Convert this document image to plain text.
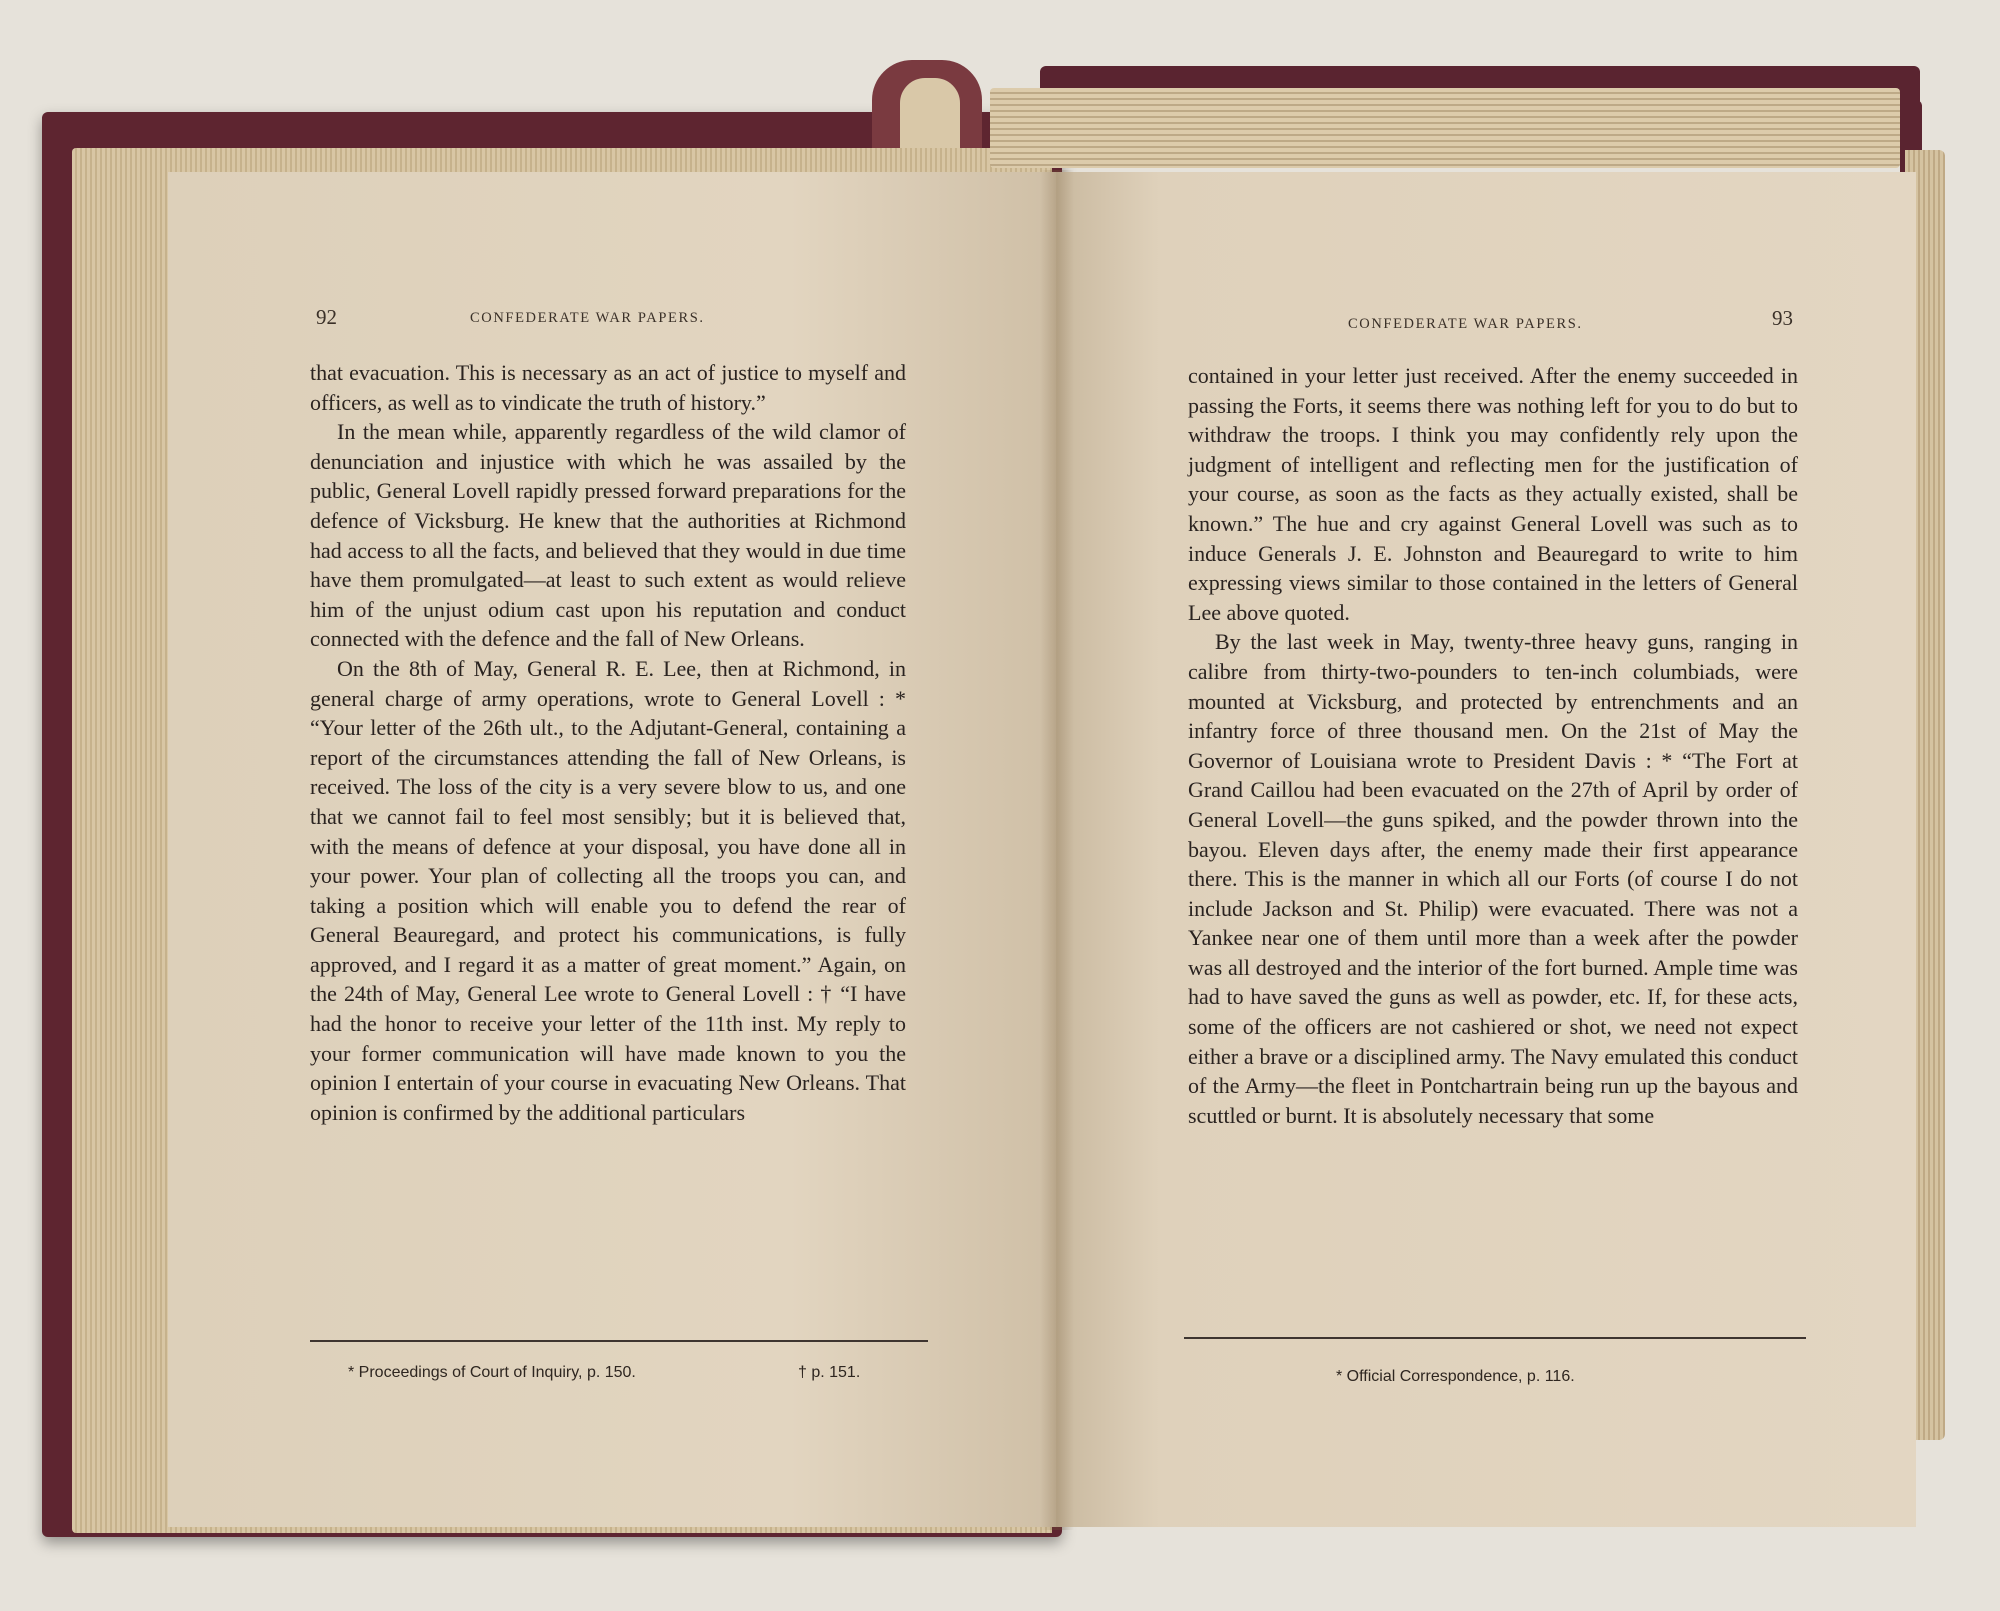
92	CONFEDERATE WAR PAPERS.

that evacuation. This is necessary as an act of justice to myself and officers, as well as to vindicate the truth of history.”

In the mean while, apparently regardless of the wild clamor of denunciation and injustice with which he was assailed by the public, General Lovell rapidly pressed forward preparations for the defence of Vicksburg. He knew that the authorities at Richmond had access to all the facts, and believed that they would in due time have them promulgated—at least to such extent as would relieve him of the unjust odium cast upon his reputation and conduct connected with the defence and the fall of New Orleans.

On the 8th of May, General R. E. Lee, then at Richmond, in general charge of army operations, wrote to General Lovell : * “Your letter of the 26th ult., to the Adjutant-General, containing a report of the circumstances attending the fall of New Orleans, is received. The loss of the city is a very severe blow to us, and one that we cannot fail to feel most sensibly; but it is believed that, with the means of defence at your disposal, you have done all in your power. Your plan of collecting all the troops you can, and taking a position which will enable you to defend the rear of General Beauregard, and protect his communications, is fully approved, and I regard it as a matter of great moment.” Again, on the 24th of May, General Lee wrote to General Lovell : † “I have had the honor to receive your letter of the 11th inst. My reply to your former communication will have made known to you the opinion I entertain of your course in evacuating New Orleans. That opinion is confirmed by the additional particulars

* Proceedings of Court of Inquiry, p. 150.	† p. 151.
CONFEDERATE WAR PAPERS.	93

contained in your letter just received. After the enemy succeeded in passing the Forts, it seems there was nothing left for you to do but to withdraw the troops. I think you may confidently rely upon the judgment of intelligent and reflecting men for the justification of your course, as soon as the facts as they actually existed, shall be known.” The hue and cry against General Lovell was such as to induce Generals J. E. Johnston and Beauregard to write to him expressing views similar to those contained in the letters of General Lee above quoted.

By the last week in May, twenty-three heavy guns, ranging in calibre from thirty-two-pounders to ten-inch columbiads, were mounted at Vicksburg, and protected by entrenchments and an infantry force of three thousand men. On the 21st of May the Governor of Louisiana wrote to President Davis : * “The Fort at Grand Caillou had been evacuated on the 27th of April by order of General Lovell—the guns spiked, and the powder thrown into the bayou. Eleven days after, the enemy made their first appearance there. This is the manner in which all our Forts (of course I do not include Jackson and St. Philip) were evacuated. There was not a Yankee near one of them until more than a week after the powder was all destroyed and the interior of the fort burned. Ample time was had to have saved the guns as well as powder, etc. If, for these acts, some of the officers are not cashiered or shot, we need not expect either a brave or a disciplined army. The Navy emulated this conduct of the Army—the fleet in Pontchartrain being run up the bayous and scuttled or burnt. It is absolutely necessary that some

* Official Correspondence, p. 116.
